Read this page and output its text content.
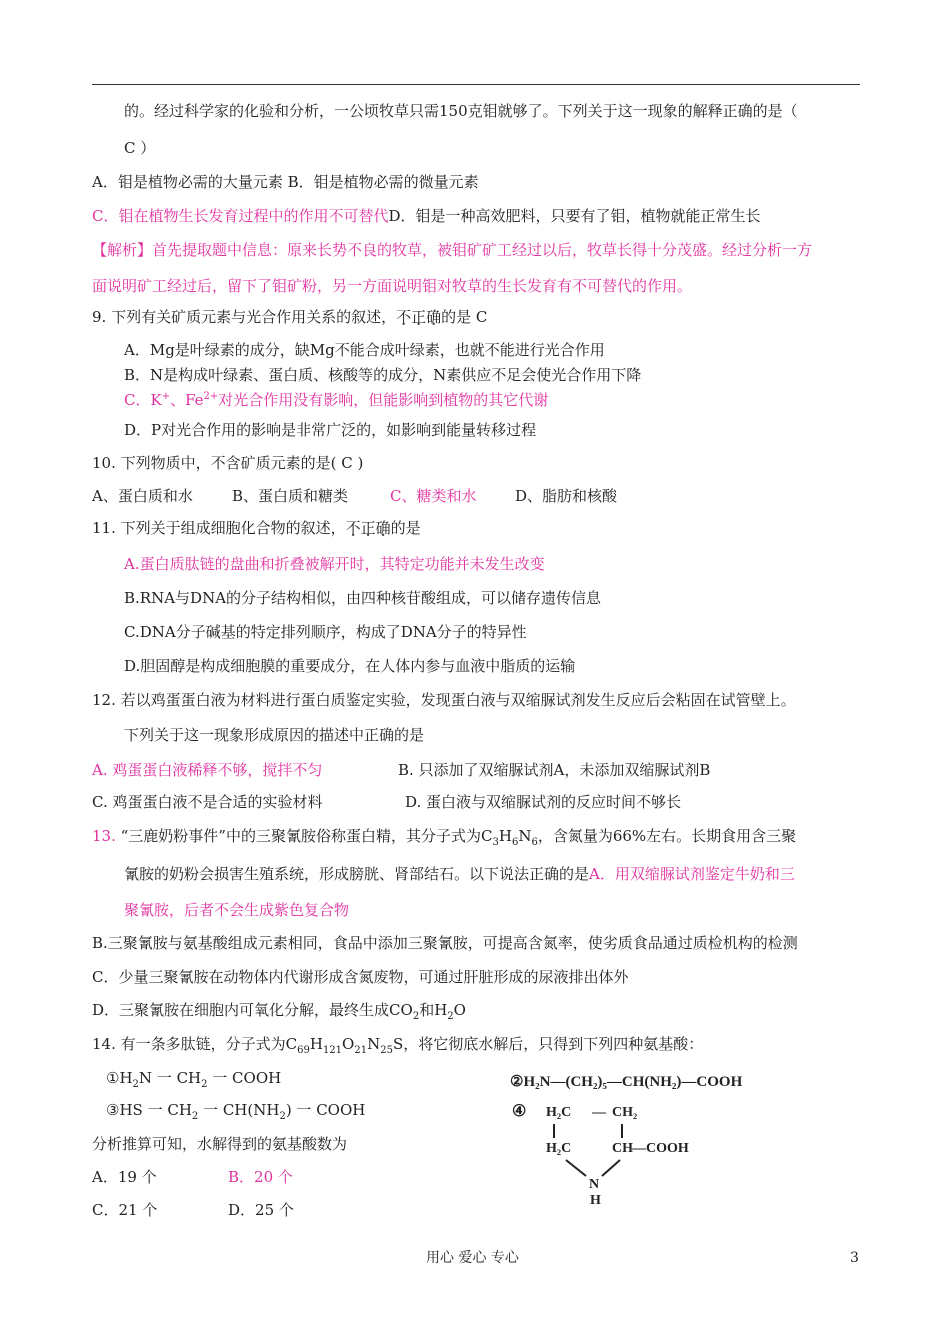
的。经过科学家的化验和分析，一公顷牧草只需150克钼就够了。下列关于这一现象的解释正确的是（
C ）
A．钼是植物必需的大量元素 B．钼是植物必需的微量元素
C．钼在植物生长发育过程中的作用不可替代D．钼是一种高效肥料，只要有了钼，植物就能正常生长
【解析】首先提取题中信息：原来长势不良的牧草，被钼矿矿工经过以后，牧草长得十分茂盛。经过分析一方
面说明矿工经过后，留下了钼矿粉，另一方面说明钼对牧草的生长发育有不可替代的作用。
9. 下列有关矿质元素与光合作用关系的叙述，不正确的是 C
A．Mg是叶绿素的成分，缺Mg不能合成叶绿素，也就不能进行光合作用
B．N是构成叶绿素、蛋白质、核酸等的成分，N素供应不足会使光合作用下降
C．K+、$Fe^{2+}$对光合作用没有影响，但能影响到植物的其它代谢
D．P对光合作用的影响是非常广泛的，如影响到能量转移过程
10. 下列物质中，不含矿质元素的是( C )
A、蛋白质和水	B、蛋白质和糖类	C、糖类和水	D、脂肪和核酸
11. 下列关于组成细胞化合物的叙述，不正确的是
A.蛋白质肽链的盘曲和折叠被解开时，其特定功能并未发生改变
B.RNA与DNA的分子结构相似，由四种核苷酸组成，可以储存遗传信息
C.DNA分子碱基的特定排列顺序，构成了DNA分子的特异性
D.胆固醇是构成细胞膜的重要成分，在人体内参与血液中脂质的运输
12. 若以鸡蛋蛋白液为材料进行蛋白质鉴定实验，发现蛋白液与双缩脲试剂发生反应后会粘固在试管壁上。
下列关于这一现象形成原因的描述中正确的是
A. 鸡蛋蛋白液稀释不够，搅拌不匀	B. 只添加了双缩脲试剂A，未添加双缩脲试剂B
C. 鸡蛋蛋白液不是合适的实验材料	D. 蛋白液与双缩脲试剂的反应时间不够长
13. “三鹿奶粉事件”中的三聚氰胺俗称蛋白精，其分子式为$C_3H_6N_6$，含氮量为66%左右。长期食用含三聚
氰胺的奶粉会损害生殖系统，形成膀胱、肾部结石。以下说法正确的是A．用双缩脲试剂鉴定牛奶和三
聚氰胺，后者不会生成紫色复合物
B.三聚氰胺与氨基酸组成元素相同，食品中添加三聚氰胺，可提高含氮率，使劣质食品通过质检机构的检测
C．少量三聚氰胺在动物体内代谢形成含氮废物，可通过肝脏形成的尿液排出体外
D．三聚氰胺在细胞内可氧化分解，最终生成$CO_2$和$H_2O$
14. 有一条多肽链，分子式为$C_{69}H_{121}O_{21}N_{25}S$，将它彻底水解后，只得到下列四种氨基酸：
$①H_2N$ 一 $CH_2$ 一 COOH
③HS 一 $CH_2$ 一 $CH(NH_2)$ 一 COOH
②H₂N—(CH₂)₅—CH(NH₂)—COOH
④ H₂C — CH₂
H₂C	CH —COOH
N
H
分析推算可知，水解得到的氨基酸数为
A．19 个	B．20 个
C．21 个	D．25 个
用心 爱心 专心	3
